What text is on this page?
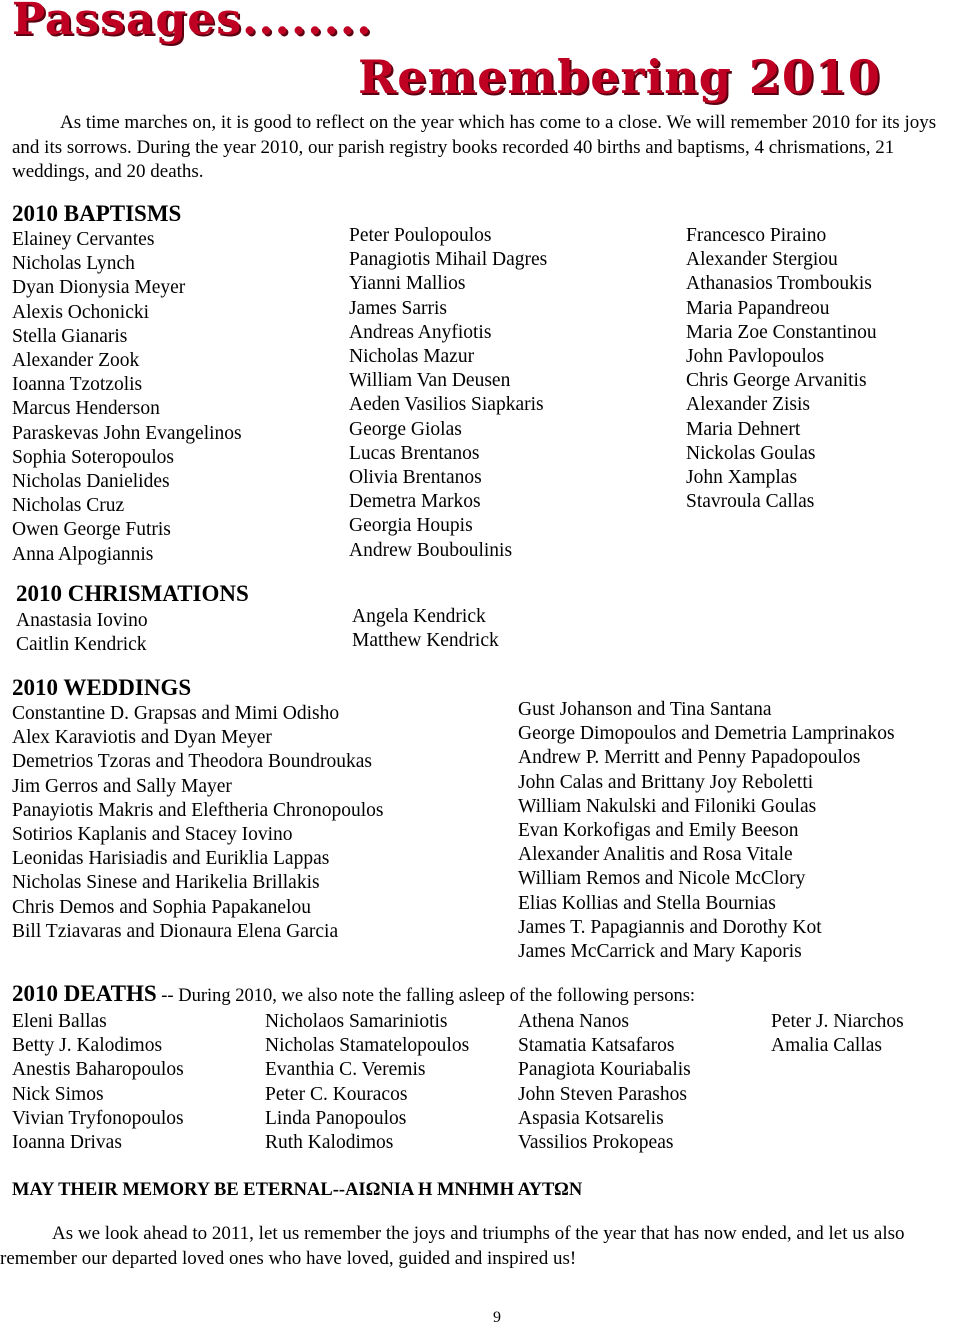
Passages........
Remembering 2010

As time marches on, it is good to reflect on the year which has come to a close. We will remember 2010 for its joys and its sorrows. During the year 2010, our parish registry books recorded 40 births and baptisms, 4 chrismations, 21 weddings, and 20 deaths.

2010 BAPTISMS
Elainey Cervantes
Nicholas Lynch
Dyan Dionysia Meyer
Alexis Ochonicki
Stella Gianaris
Alexander Zook
Ioanna Tzotzolis
Marcus Henderson
Paraskevas John Evangelinos
Sophia Soteropoulos
Nicholas Danielides
Nicholas Cruz
Owen George Futris
Anna Alpogiannis
Peter Poulopoulos
Panagiotis Mihail Dagres
Yianni Mallios
James Sarris
Andreas Anyfiotis
Nicholas Mazur
William Van Deusen
Aeden Vasilios Siapkaris
George Giolas
Lucas Brentanos
Olivia Brentanos
Demetra Markos
Georgia Houpis
Andrew Bouboulinis
Francesco Piraino
Alexander Stergiou
Athanasios Tromboukis
Maria Papandreou
Maria Zoe Constantinou
John Pavlopoulos
Chris George Arvanitis
Alexander Zisis
Maria Dehnert
Nickolas Goulas
John Xamplas
Stavroula Callas
2010 CHRISMATIONS
Anastasia Iovino
Caitlin Kendrick
Angela Kendrick
Matthew Kendrick
2010 WEDDINGS
Constantine D. Grapsas and Mimi Odisho
Alex Karaviotis and Dyan Meyer
Demetrios Tzoras and Theodora Boundroukas
Jim Gerros and Sally Mayer
Panayiotis Makris and Eleftheria Chronopoulos
Sotirios Kaplanis and Stacey Iovino
Leonidas Harisiadis and Euriklia Lappas
Nicholas Sinese and Harikelia Brillakis
Chris Demos and Sophia Papakanelou
Bill Tziavaras and Dionaura Elena Garcia
Gust Johanson and Tina Santana
George Dimopoulos and Demetria Lamprinakos
Andrew P. Merritt and Penny Papadopoulos
John Calas and Brittany Joy Reboletti
William Nakulski and Filoniki Goulas
Evan Korkofigas and Emily Beeson
Alexander Analitis and Rosa Vitale
William Remos and Nicole McClory
Elias Kollias and Stella Bournias
James T. Papagiannis and Dorothy Kot
James McCarrick and Mary Kaporis
2010 DEATHS -- During 2010, we also note the falling asleep of the following persons:
Eleni Ballas
Betty J. Kalodimos
Anestis Baharopoulos
Nick Simos
Vivian Tryfonopoulos
Ioanna Drivas
Nicholaos Samariniotis
Nicholas Stamatelopoulos
Evanthia C. Veremis
Peter C. Kouracos
Linda Panopoulos
Ruth Kalodimos
Athena Nanos
Stamatia Katsafaros
Panagiota Kouriabalis
John Steven Parashos
Aspasia Kotsarelis
Vassilios Prokopeas
Peter J. Niarchos
Amalia Callas
MAY THEIR MEMORY BE ETERNAL--ΑΙΩΝΙΑ Η ΜΝΗΜΗ ΑΥΤΩΝ

As we look ahead to 2011, let us remember the joys and triumphs of the year that has now ended, and let us also remember our departed loved ones who have loved, guided and inspired us!

9
